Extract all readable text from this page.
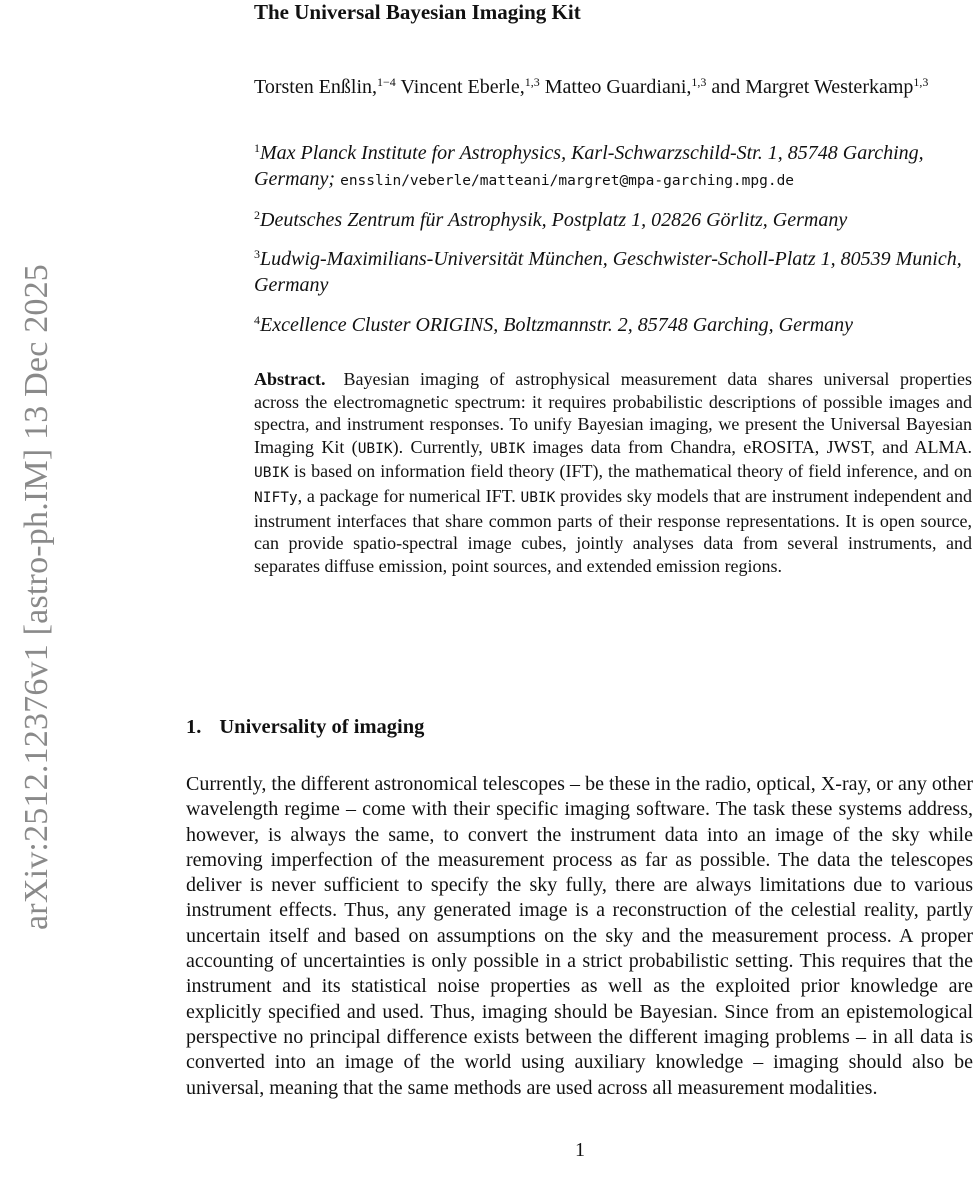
arXiv:2512.12376v1 [astro-ph.IM] 13 Dec 2025
The Universal Bayesian Imaging Kit
Torsten Enßlin,$^{1-4}$ Vincent Eberle,$^{1,3}$ Matteo Guardiani,$^{1,3}$ and Margret Westerkamp$^{1,3}$
$^1$Max Planck Institute for Astrophysics, Karl-Schwarzschild-Str. 1, 85748 Garching, Germany; ensslin/veberle/matteani/margret@mpa-garching.mpg.de
$^2$Deutsches Zentrum für Astrophysik, Postplatz 1, 02826 Görlitz, Germany
$^3$Ludwig-Maximilians-Universität München, Geschwister-Scholl-Platz 1, 80539 Munich, Germany
$^4$Excellence Cluster ORIGINS, Boltzmannstr. 2, 85748 Garching, Germany
Abstract. Bayesian imaging of astrophysical measurement data shares universal properties across the electromagnetic spectrum: it requires probabilistic descriptions of possible images and spectra, and instrument responses. To unify Bayesian imaging, we present the Universal Bayesian Imaging Kit (UBIK). Currently, UBIK images data from Chandra, eROSITA, JWST, and ALMA. UBIK is based on information field theory (IFT), the mathematical theory of field inference, and on NIFTy, a package for numerical IFT. UBIK provides sky models that are instrument independent and instrument interfaces that share common parts of their response representations. It is open source, can provide spatio-spectral image cubes, jointly analyses data from several instruments, and separates diffuse emission, point sources, and extended emission regions.
1. Universality of imaging
Currently, the different astronomical telescopes – be these in the radio, optical, X-ray, or any other wavelength regime – come with their specific imaging software. The task these systems address, however, is always the same, to convert the instrument data into an image of the sky while removing imperfection of the measurement process as far as possible. The data the telescopes deliver is never sufficient to specify the sky fully, there are always limitations due to various instrument effects. Thus, any generated image is a reconstruction of the celestial reality, partly uncertain itself and based on assumptions on the sky and the measurement process. A proper accounting of uncertainties is only possible in a strict probabilistic setting. This requires that the instrument and its statistical noise properties as well as the exploited prior knowledge are explicitly specified and used. Thus, imaging should be Bayesian. Since from an epistemological perspective no principal difference exists between the different imaging problems – in all data is converted into an image of the world using auxiliary knowledge – imaging should also be universal, meaning that the same methods are used across all measurement modalities.
1
